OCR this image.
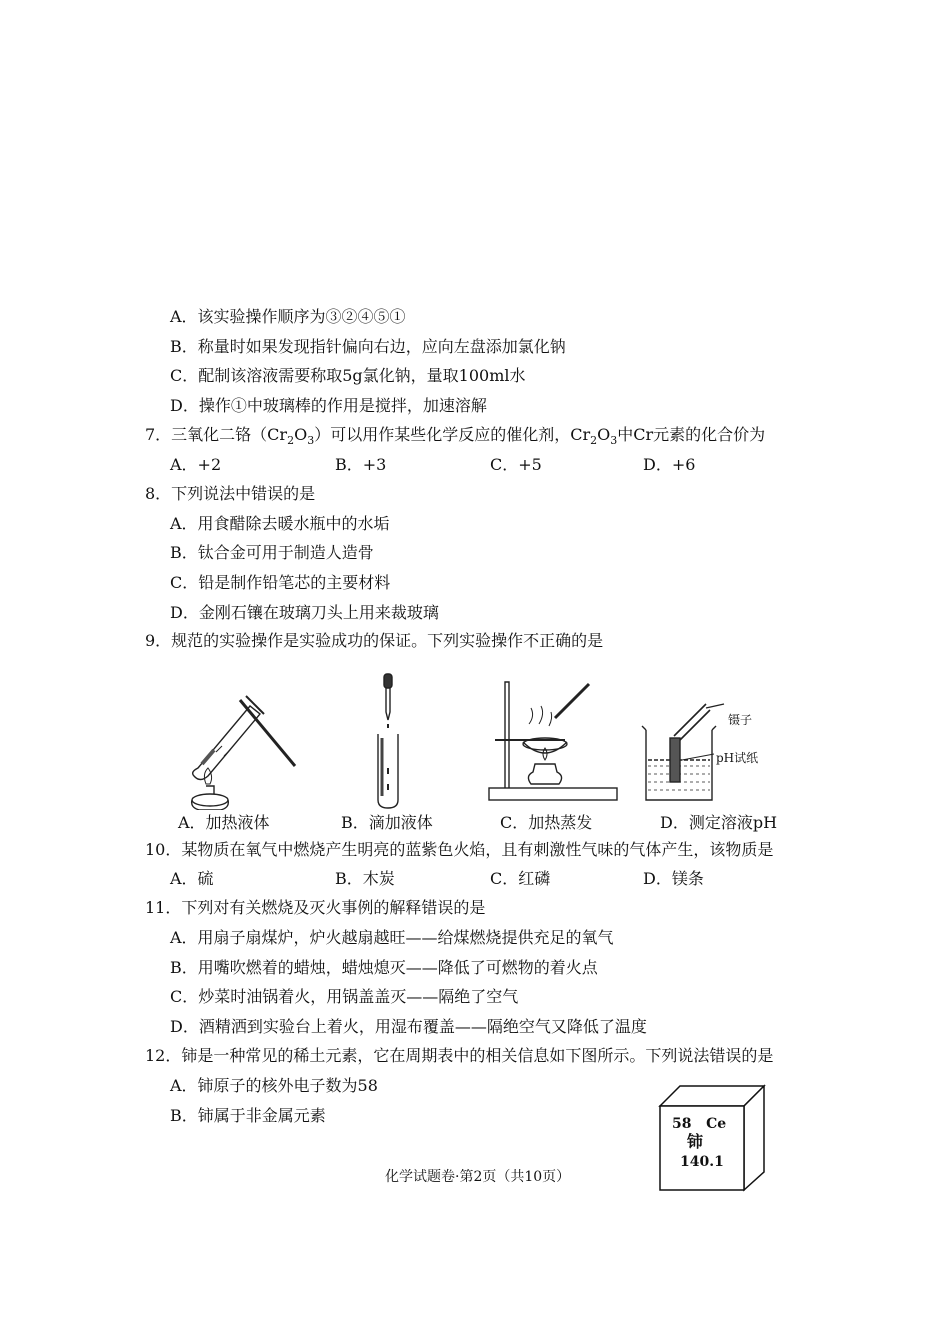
A．该实验操作顺序为③②④⑤①
B．称量时如果发现指针偏向右边，应向左盘添加氯化钠
C．配制该溶液需要称取5g氯化钠，量取100ml水
D．操作①中玻璃棒的作用是搅拌，加速溶解
7．三氧化二铬$(Cr_2O_3)$可以用作某些化学反应的催化剂，$Cr_2O_3$中Cr元素的化合价为
A．+2	B．+3	C．+5	D．+6
8．下列说法中错误的是
A．用食醋除去暖水瓶中的水垢
B．钛合金可用于制造人造骨
C．铅是制作铅笔芯的主要材料
D．金刚石镶在玻璃刀头上用来裁玻璃
9．规范的实验操作是实验成功的保证。下列实验操作不正确的是
镊子
pH试纸
A．加热液体	B．滴加液体	C．加热蒸发	D．测定溶液pH
10．某物质在氧气中燃烧产生明亮的蓝紫色火焰，且有刺激性气味的气体产生，该物质是
A．硫	B．木炭	C．红磷	D．镁条
11．下列对有关燃烧及灭火事例的解释错误的是
A．用扇子扇煤炉，炉火越扇越旺——给煤燃烧提供充足的氧气
B．用嘴吹燃着的蜡烛，蜡烛熄灭——降低了可燃物的着火点
C．炒菜时油锅着火，用锅盖盖灭——隔绝了空气
D．酒精洒到实验台上着火，用湿布覆盖——隔绝空气又降低了温度
12．铈是一种常见的稀土元素，它在周期表中的相关信息如下图所示。下列说法错误的是
A．铈原子的核外电子数为58
B．铈属于非金属元素	58   Ce
铈
140.1
化学试题卷·第2页（共10页）
